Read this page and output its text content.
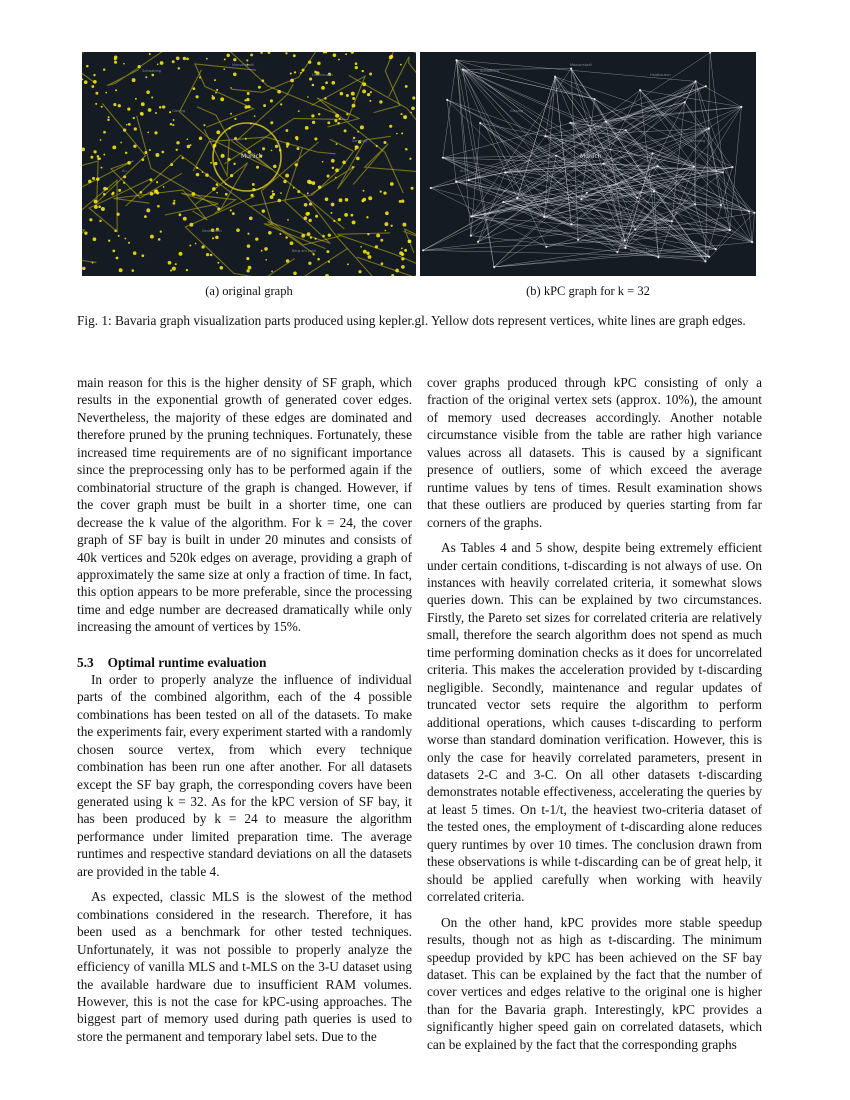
Munich
Schwabing
Maxvorstadt
Haidhausen
Au
Sendling
Neuhausen
Berg am Laim
Giesing
Munich
Schwabing
Maxvorstadt
Haidhausen
Au
Sendling
Neuhausen
Berg am Laim
Giesing
(a) original graph	(b) kPC graph for k = 32
Fig. 1: Bavaria graph visualization parts produced using kepler.gl. Yellow dots represent vertices, white lines are graph edges.

main reason for this is the higher density of SF graph, which results in the exponential growth of generated cover edges. Nevertheless, the majority of these edges are dominated and therefore pruned by the pruning techniques. Fortunately, these increased time requirements are of no significant importance since the preprocessing only has to be performed again if the combinatorial structure of the graph is changed. However, if the cover graph must be built in a shorter time, one can decrease the k value of the algorithm. For k = 24, the cover graph of SF bay is built in under 20 minutes and consists of 40k vertices and 520k edges on average, providing a graph of approximately the same size at only a fraction of time. In fact, this option appears to be more preferable, since the processing time and edge number are decreased dramatically while only increasing the amount of vertices by 15%.

5.3 Optimal runtime evaluation

In order to properly analyze the influence of individual parts of the combined algorithm, each of the 4 possible combinations has been tested on all of the datasets. To make the experiments fair, every experiment started with a randomly chosen source vertex, from which every technique combination has been run one after another. For all datasets except the SF bay graph, the corresponding covers have been generated using k = 32. As for the kPC version of SF bay, it has been produced by k = 24 to measure the algorithm performance under limited preparation time. The average runtimes and respective standard deviations on all the datasets are provided in the table 4.

As expected, classic MLS is the slowest of the method combinations considered in the research. Therefore, it has been used as a benchmark for other tested techniques. Unfortunately, it was not possible to properly analyze the efficiency of vanilla MLS and t-MLS on the 3-U dataset using the available hardware due to insufficient RAM volumes. However, this is not the case for kPC-using approaches. The biggest part of memory used during path queries is used to store the permanent and temporary label sets. Due to the

cover graphs produced through kPC consisting of only a fraction of the original vertex sets (approx. 10%), the amount of memory used decreases accordingly. Another notable circumstance visible from the table are rather high variance values across all datasets. This is caused by a significant presence of outliers, some of which exceed the average runtime values by tens of times. Result examination shows that these outliers are produced by queries starting from far corners of the graphs.

As Tables 4 and 5 show, despite being extremely efficient under certain conditions, t-discarding is not always of use. On instances with heavily correlated criteria, it somewhat slows queries down. This can be explained by two circumstances. Firstly, the Pareto set sizes for correlated criteria are relatively small, therefore the search algorithm does not spend as much time performing domination checks as it does for uncorrelated criteria. This makes the acceleration provided by t-discarding negligible. Secondly, maintenance and regular updates of truncated vector sets require the algorithm to perform additional operations, which causes t-discarding to perform worse than standard domination verification. However, this is only the case for heavily correlated parameters, present in datasets 2-C and 3-C. On all other datasets t-discarding demonstrates notable effectiveness, accelerating the queries by at least 5 times. On t-1/t, the heaviest two-criteria dataset of the tested ones, the employment of t-discarding alone reduces query runtimes by over 10 times. The conclusion drawn from these observations is while t-discarding can be of great help, it should be applied carefully when working with heavily correlated criteria.

On the other hand, kPC provides more stable speedup results, though not as high as t-discarding. The minimum speedup provided by kPC has been achieved on the SF bay dataset. This can be explained by the fact that the number of cover vertices and edges relative to the original one is higher than for the Bavaria graph. Interestingly, kPC provides a significantly higher speed gain on correlated datasets, which can be explained by the fact that the corresponding graphs
